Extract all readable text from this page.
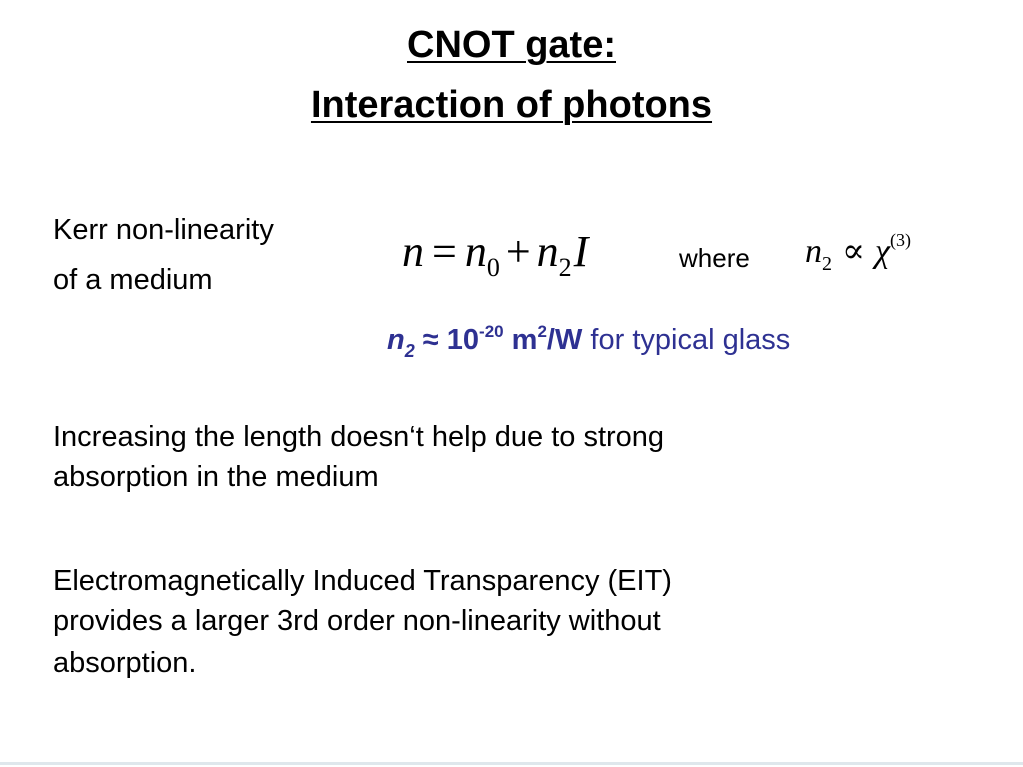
CNOT gate:
Interaction of photons
Kerr non-linearity
of a medium
$n = n_0 + n_2I$	where $n_2 \propto \chi^{(3)}$
$n_2 \approx 10^{-20}$ $m^2/W$ for typical glass
Increasing the length doesn‘t help due to strong
absorption in the medium
Electromagnetically Induced Transparency (EIT)
provides a larger 3rd order non-linearity without
absorption.
